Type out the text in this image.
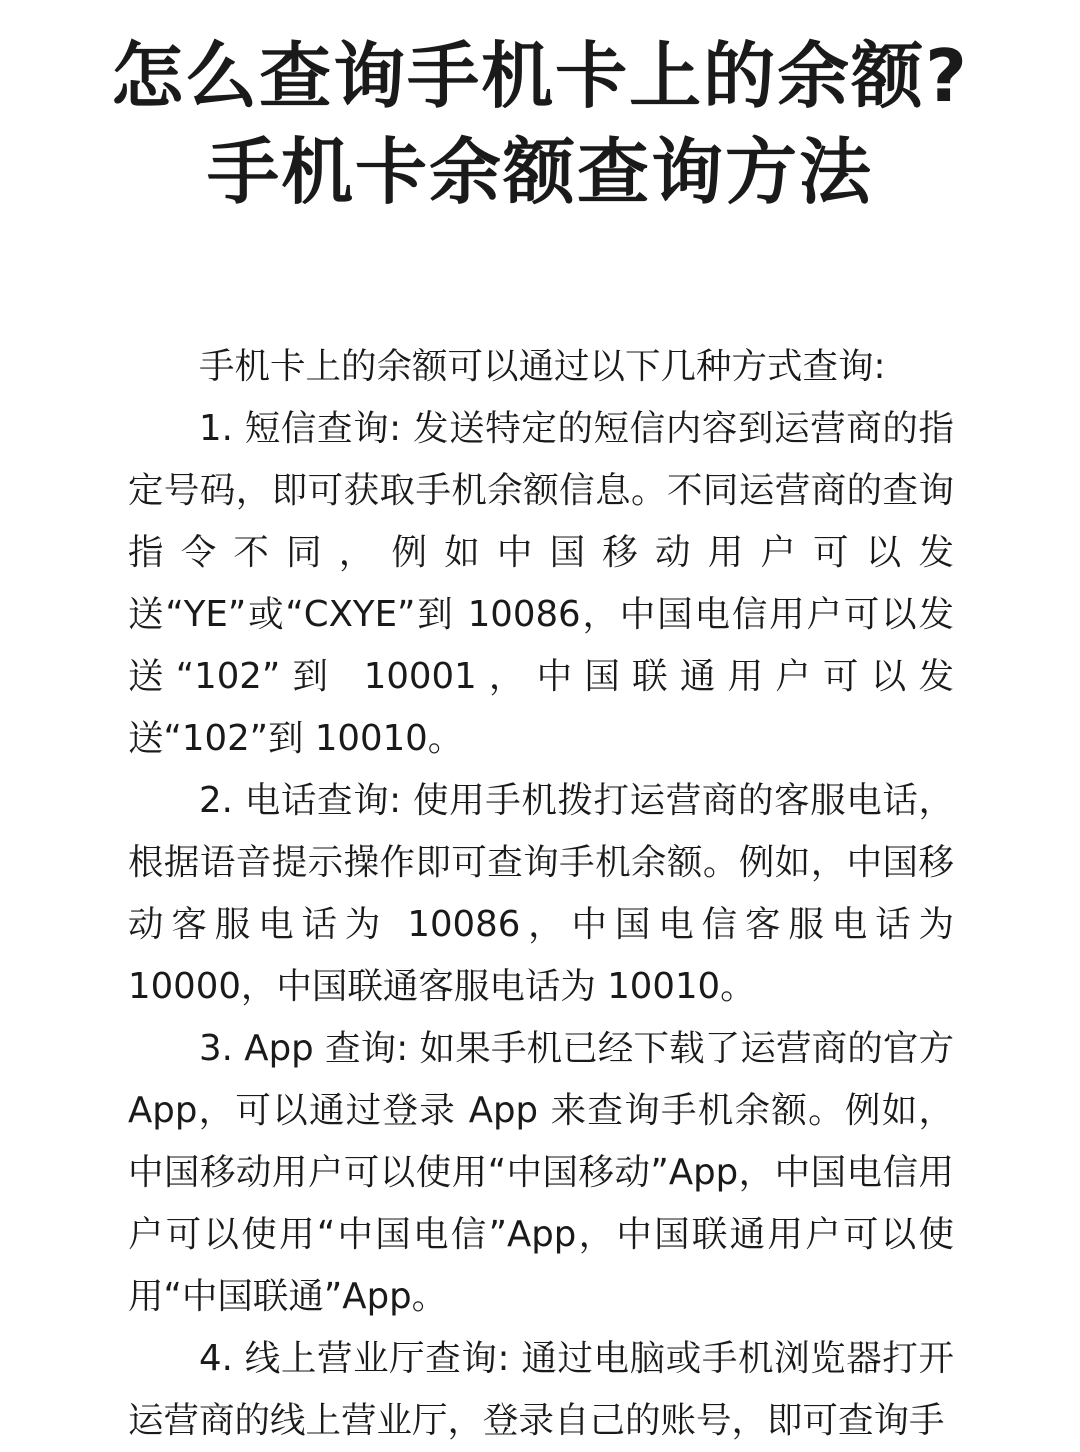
怎么查询手机卡上的余额?
手机卡余额查询方法

手机卡上的余额可以通过以下几种方式查询:

1. 短信查询: 发送特定的短信内容到运营商的指定号码，即可获取手机余额信息。不同运营商的查询指令不同，例如中国移动用户可以发送“YE”或“CXYE”到 10086，中国电信用户可以发送“102”到 10001，中国联通用户可以发送“102”到 10010。

2. 电话查询: 使用手机拨打运营商的客服电话，根据语音提示操作即可查询手机余额。例如，中国移动客服电话为 10086，中国电信客服电话为 10000，中国联通客服电话为 10010。

3. App 查询: 如果手机已经下载了运营商的官方 App，可以通过登录 App 来查询手机余额。例如，中国移动用户可以使用“中国移动”App，中国电信用户可以使用“中国电信”App，中国联通用户可以使用“中国联通”App。

4. 线上营业厅查询: 通过电脑或手机浏览器打开运营商的线上营业厅，登录自己的账号，即可查询手
